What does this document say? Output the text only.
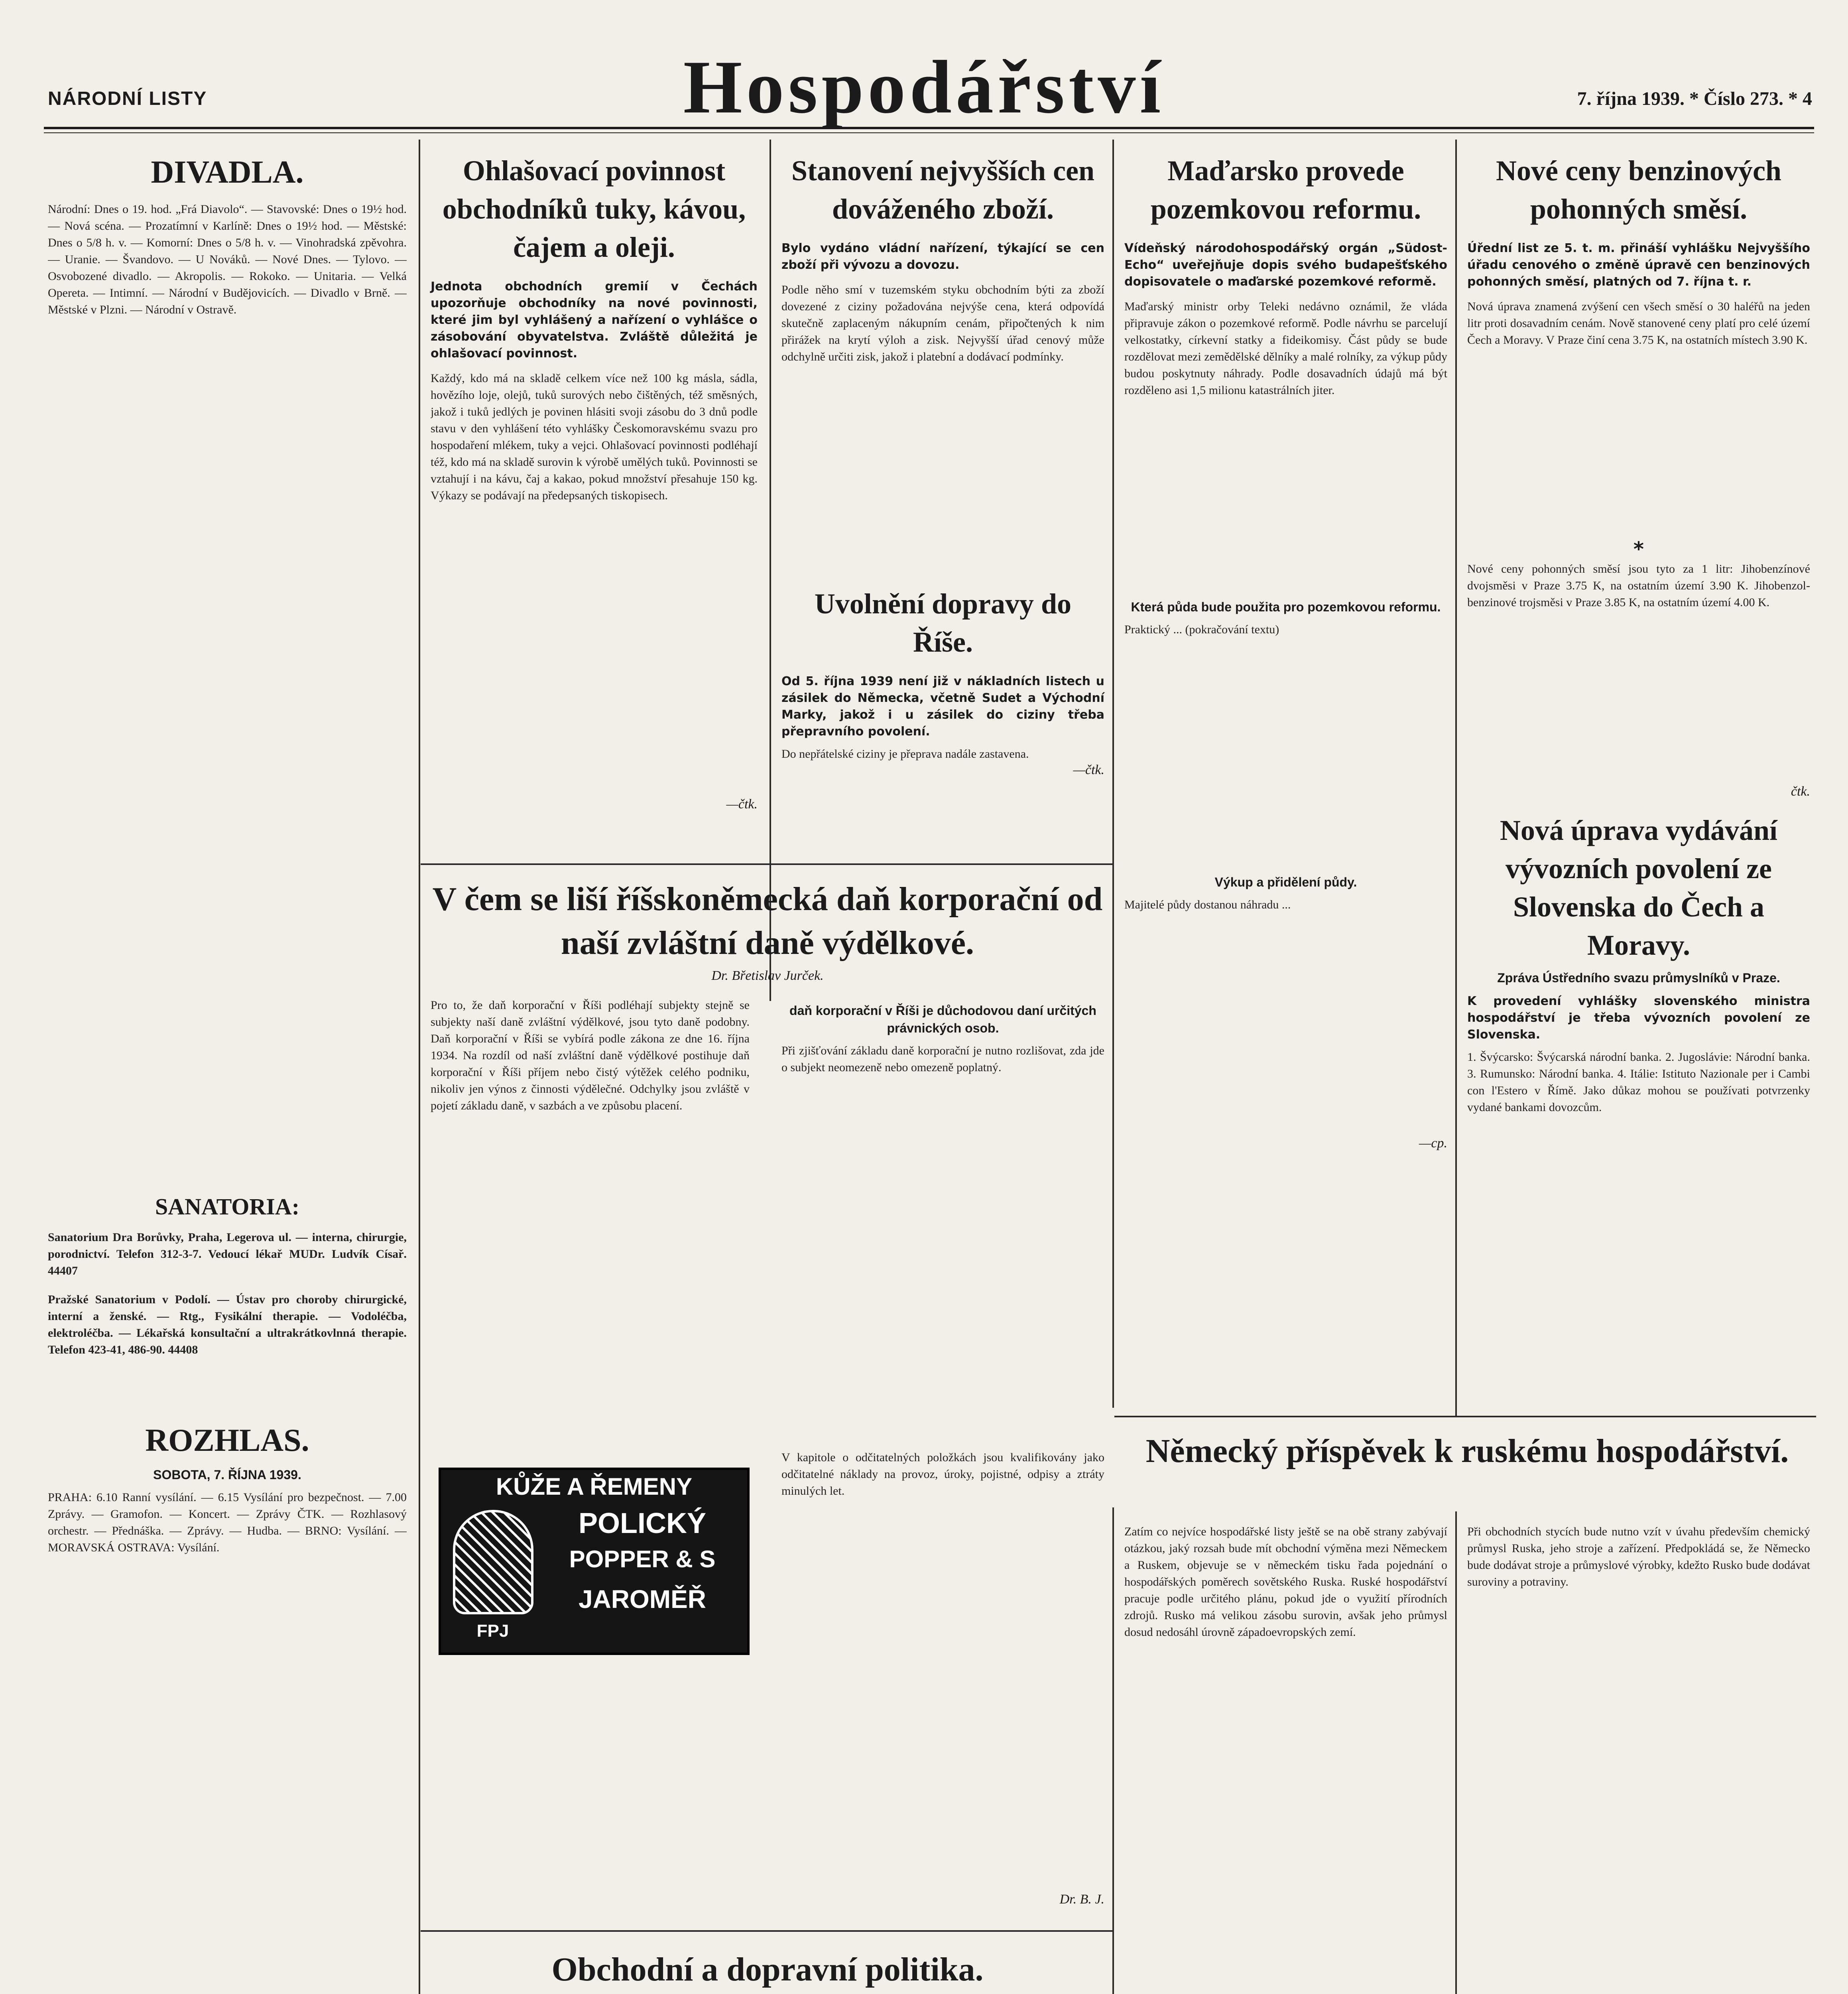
NÁRODNÍ LISTY	Hospodářství	7. října 1939. * Číslo 273. * 4
DIVADLA.
Národní: Dnes o 19. hod. „Frá Diavolo“. — Stavovské: Dnes o 19½ hod. — Nová scéna. — Prozatímní v Karlíně: Dnes o 19½ hod. — Městské: Dnes o 5/8 h. v. — Komorní: Dnes o 5/8 h. v. — Vinohradská zpěvohra. — Uranie. — Švandovo. — U Nováků. — Nové Dnes. — Tylovo. — Osvobozené divadlo. — Akropolis. — Rokoko. — Unitaria. — Velká Opereta. — Intimní. — Národní v Budějovicích. — Divadlo v Brně. — Městské v Plzni. — Národní v Ostravě.
SANATORIA:
Sanatorium Dra Borůvky, Praha, Legerova ul. — interna, chirurgie, porodnictví. Telefon 312-3-7. Vedoucí lékař MUDr. Ludvík Císař. 44407
Pražské Sanatorium v Podolí. — Ústav pro choroby chirurgické, interní a ženské. — Rtg., Fysikální therapie. — Vodoléčba, elektroléčba. — Lékařská konsultační a ultrakrátkovlnná therapie. Telefon 423-41, 486-90. 44408
ROZHLAS.
SOBOTA, 7. ŘÍJNA 1939.
PRAHA: 6.10 Ranní vysílání. — 6.15 Vysílání pro bezpečnost. — 7.00 Zprávy. — Gramofon. — Koncert. — Zprávy ČTK. — Rozhlasový orchestr. — Přednáška. — Zprávy. — Hudba. — BRNO: Vysílání. — MORAVSKÁ OSTRAVA: Vysílání.
Ohlašovací povinnost obchodníků tuky, kávou, čajem a oleji.
Jednota obchodních gremií v Čechách upozorňuje obchodníky na nové povinnosti, které jim byl vyhlášený a nařízení o vyhlášce o zásobování obyvatelstva. Zvláště důležitá je ohlašovací povinnost.
Každý, kdo má na skladě celkem více než 100 kg másla, sádla, hovězího loje, olejů, tuků surových nebo čištěných, též směsných, jakož i tuků jedlých je povinen hlásiti svoji zásobu do 3 dnů podle stavu v den vyhlášení této vyhlášky Českomoravskému svazu pro hospodaření mlékem, tuky a vejci. Ohlašovací povinnosti podléhají též, kdo má na skladě surovin k výrobě umělých tuků. Povinnosti se vztahují i na kávu, čaj a kakao, pokud množství přesahuje 150 kg. Výkazy se podávají na předepsaných tiskopisech.
—čtk.
Stanovení nejvyšších cen dováženého zboží.
Bylo vydáno vládní nařízení, týkající se cen zboží při vývozu a dovozu.
Podle něho smí v tuzemském styku obchodním býti za zboží dovezené z ciziny požadována nejvýše cena, která odpovídá skutečně zaplaceným nákupním cenám, připočtených k nim přirážek na krytí výloh a zisk. Nejvyšší úřad cenový může odchylně určiti zisk, jakož i platební a dodávací podmínky.
Uvolnění dopravy do Říše.
Od 5. října 1939 není již v nákladních listech u zásilek do Německa, včetně Sudet a Východní Marky, jakož i u zásilek do ciziny třeba přepravního povolení.
Do nepřátelské ciziny je přeprava nadále zastavena.
—čtk.
Maďarsko provede pozemkovou reformu.
Vídeňský národohospodářský orgán „Südost-Echo“ uveřejňuje dopis svého budapešťského dopisovatele o maďarské pozemkové reformě.
Maďarský ministr orby Teleki nedávno oznámil, že vláda připravuje zákon o pozemkové reformě. Podle návrhu se parcelují velkostatky, církevní statky a fideikomisy. Část půdy se bude rozdělovat mezi zemědělské dělníky a malé rolníky, za výkup půdy budou poskytnuty náhrady. Podle dosavadních údajů má být rozděleno asi 1,5 milionu katastrálních jiter.
Která půda bude použita pro pozemkovou reformu.
Praktický ... (pokračování textu)
Výkup a přidělení půdy.
Majitelé půdy dostanou náhradu ...
—cp.
Nové ceny benzinových pohonných směsí.
Úřední list ze 5. t. m. přináší vyhlášku Nejvyššího úřadu cenového o změně úpravě cen benzinových pohonných směsí, platných od 7. října t. r.
Nová úprava znamená zvýšení cen všech směsí o 30 haléřů na jeden litr proti dosavadním cenám. Nově stanovené ceny platí pro celé území Čech a Moravy. V Praze činí cena 3.75 K, na ostatních místech 3.90 K.
*
Nové ceny pohonných směsí jsou tyto za 1 litr: Jihobenzínové dvojsměsi v Praze 3.75 K, na ostatním území 3.90 K. Jihobenzol-benzinové trojsměsi v Praze 3.85 K, na ostatním území 4.00 K.
čtk.
Nová úprava vydávání vývozních povolení ze Slovenska do Čech a Moravy.
Zpráva Ústředního svazu průmyslníků v Praze.
K provedení vyhlášky slovenského ministra hospodářství je třeba vývozních povolení ze Slovenska.
1. Švýcarsko: Švýcarská národní banka. 2. Jugoslávie: Národní banka. 3. Rumunsko: Národní banka. 4. Itálie: Istituto Nazionale per i Cambi con l'Estero v Římě. Jako důkaz mohou se používati potvrzenky vydané bankami dovozcům.
V čem se liší říšskoněmecká daň korporační od naší zvláštní daně výdělkové.
Dr. Břetislav Jurček.
Pro to, že daň korporační v Říši podléhají subjekty stejně se subjekty naší daně zvláštní výdělkové, jsou tyto daně podobny. Daň korporační v Říši se vybírá podle zákona ze dne 16. října 1934. Na rozdíl od naší zvláštní daně výdělkové postihuje daň korporační v Říši příjem nebo čistý výtěžek celého podniku, nikoliv jen výnos z činnosti výdělečné. Odchylky jsou zvláště v pojetí základu daně, v sazbách a ve způsobu placení.
daň korporační v Říši je důchodovou daní určitých právnických osob.
Při zjišťování základu daně korporační je nutno rozlišovat, zda jde o subjekt neomezeně nebo omezeně poplatný.
V kapitole o odčitatelných položkách jsou kvalifikovány jako odčitatelné náklady na provoz, úroky, pojistné, odpisy a ztráty minulých let.
Dr. B. J.
KŮŽE A ŘEMENY
POLICKÝ
POPPER & S
JAROMĚŘ
FPJ
Obchodní a dopravní politika.
Německý příspěvek k ruskému hospodářství.
Zatím co nejvíce hospodářské listy ještě se na obě strany zabývají otázkou, jaký rozsah bude mít obchodní výměna mezi Německem a Ruskem, objevuje se v německém tisku řada pojednání o hospodářských poměrech sovětského Ruska. Ruské hospodářství pracuje podle určitého plánu, pokud jde o využití přírodních zdrojů. Rusko má velikou zásobu surovin, avšak jeho průmysl dosud nedosáhl úrovně západoevropských zemí.
Při obchodních stycích bude nutno vzít v úvahu především chemický průmysl Ruska, jeho stroje a zařízení. Předpokládá se, že Německo bude dodávat stroje a průmyslové výrobky, kdežto Rusko bude dodávat suroviny a potraviny.
